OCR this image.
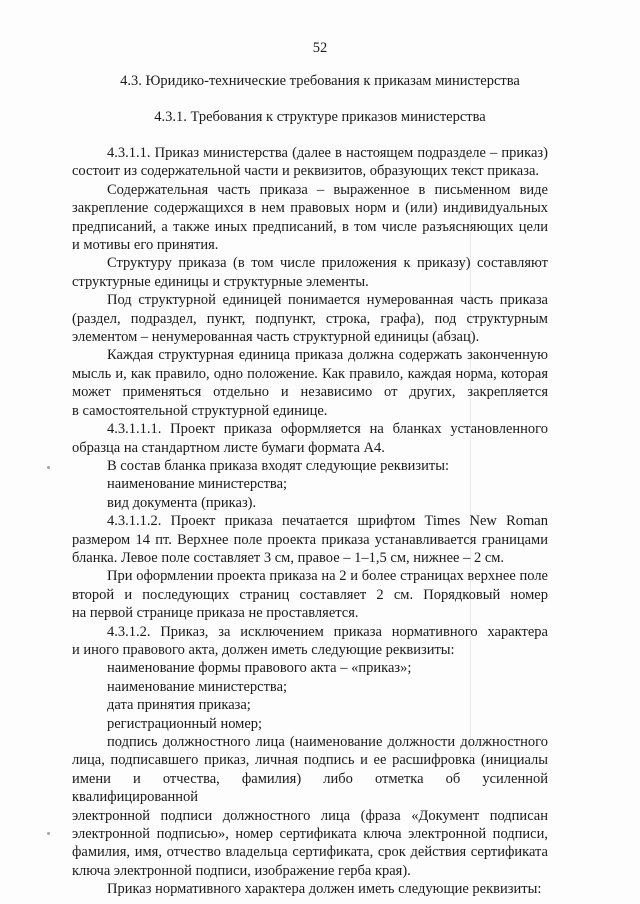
52
4.3. Юридико-технические требования к приказам министерства
4.3.1. Требования к структуре приказов министерства
4.3.1.1. Приказ министерства (далее в настоящем подразделе – приказ)
состоит из содержательной части и реквизитов, образующих текст приказа.
Содержательная часть приказа – выраженное в письменном виде
закрепление содержащихся в нем правовых норм и (или) индивидуальных
предписаний, а также иных предписаний, в том числе разъясняющих цели
и мотивы его принятия.
Структуру приказа (в том числе приложения к приказу) составляют
структурные единицы и структурные элементы.
Под структурной единицей понимается нумерованная часть приказа
(раздел, подраздел, пункт, подпункт, строка, графа), под структурным
элементом – ненумерованная часть структурной единицы (абзац).
Каждая структурная единица приказа должна содержать законченную
мысль и, как правило, одно положение. Как правило, каждая норма, которая
может применяться отдельно и независимо от других, закрепляется
в самостоятельной структурной единице.
4.3.1.1.1. Проект приказа оформляется на бланках установленного
образца на стандартном листе бумаги формата А4.
В состав бланка приказа входят следующие реквизиты:
наименование министерства;
вид документа (приказ).
4.3.1.1.2. Проект приказа печатается шрифтом Times New Roman
размером 14 пт. Верхнее поле проекта приказа устанавливается границами
бланка. Левое поле составляет 3 см, правое – 1–1,5 см, нижнее – 2 см.
При оформлении проекта приказа на 2 и более страницах верхнее поле
второй и последующих страниц составляет 2 см. Порядковый номер
на первой странице приказа не проставляется.
4.3.1.2. Приказ, за исключением приказа нормативного характера
и иного правового акта, должен иметь следующие реквизиты:
наименование формы правового акта – «приказ»;
наименование министерства;
дата принятия приказа;
регистрационный номер;
подпись должностного лица (наименование должности должностного
лица, подписавшего приказ, личная подпись и ее расшифровка (инициалы
имени и отчества, фамилия) либо отметка об усиленной квалифицированной
электронной подписи должностного лица (фраза «Документ подписан
электронной подписью», номер сертификата ключа электронной подписи,
фамилия, имя, отчество владельца сертификата, срок действия сертификата
ключа электронной подписи, изображение герба края).
Приказ нормативного характера должен иметь следующие реквизиты:
